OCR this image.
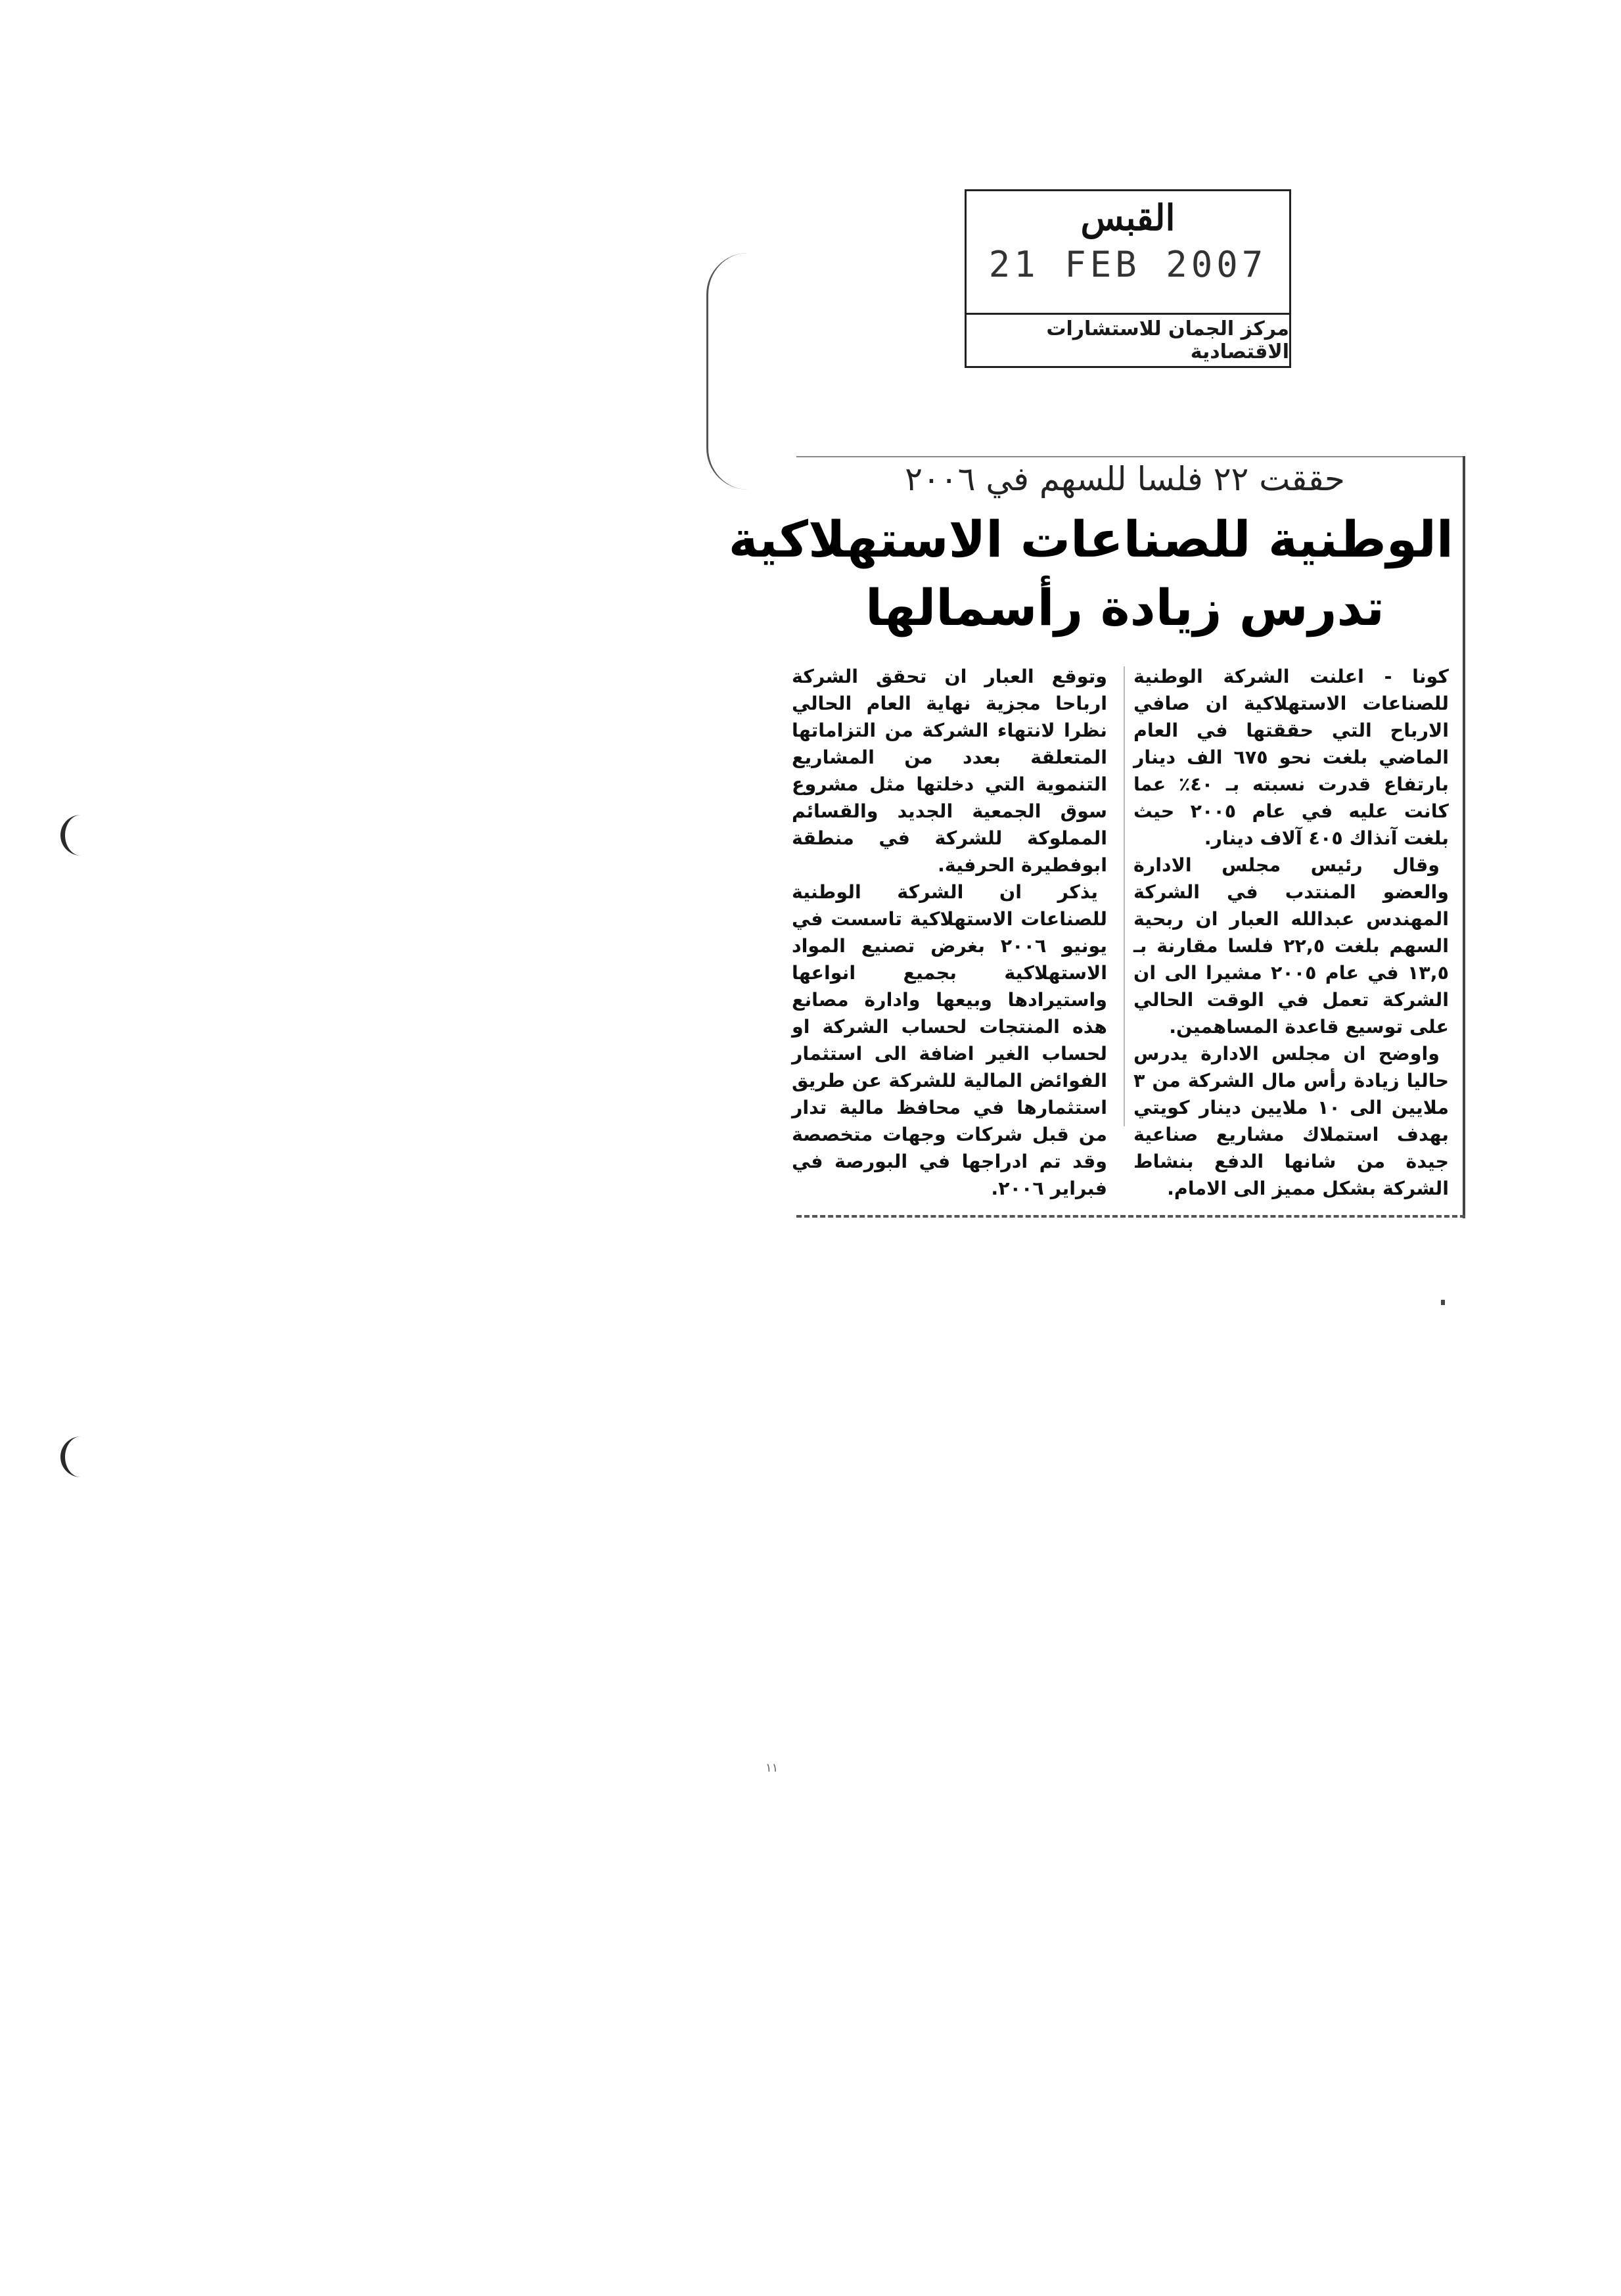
القبس
21 FEB 2007
مركز الجمان للاستشارات الاقتصادية
حققت ٢٢ فلسا للسهم في ٢٠٠٦
الوطنية للصناعات الاستهلاكية
تدرس زيادة رأسمالها

كونا - اعلنت الشركة الوطنية للصناعات الاستهلاكية ان صافي الارباح التي حققتها في العام الماضي بلغت نحو ٦٧٥ الف دينار بارتفاع قدرت نسبته بـ ٤٠٪ عما كانت عليه في عام ٢٠٠٥ حيث بلغت آنذاك ٤٠٥ آلاف دينار.

وقال رئيس مجلس الادارة والعضو المنتدب في الشركة المهندس عبدالله العبار ان ربحية السهم بلغت ٢٢,٥ فلسا مقارنة بـ ١٣,٥ في عام ٢٠٠٥ مشيرا الى ان الشركة تعمل في الوقت الحالي على توسيع قاعدة المساهمين.

واوضح ان مجلس الادارة يدرس حاليا زيادة رأس مال الشركة من ٣ ملايين الى ١٠ ملايين دينار كويتي بهدف استملاك مشاريع صناعية جيدة من شانها الدفع بنشاط الشركة بشكل مميز الى الامام.

وتوقع العبار ان تحقق الشركة ارباحا مجزية نهاية العام الحالي نظرا لانتهاء الشركة من التزاماتها المتعلقة بعدد من المشاريع التنموية التي دخلتها مثل مشروع سوق الجمعية الجديد والقسائم المملوكة للشركة في منطقة ابوفطيرة الحرفية.

يذكر ان الشركة الوطنية للصناعات الاستهلاكية تاسست في يونيو ٢٠٠٦ بغرض تصنيع المواد الاستهلاكية بجميع انواعها واستيرادها وبيعها وادارة مصانع هذه المنتجات لحساب الشركة او لحساب الغير اضافة الى استثمار الفوائض المالية للشركة عن طريق استثمارها في محافظ مالية تدار من قبل شركات وجهات متخصصة وقد تم ادراجها في البورصة في فبراير ٢٠٠٦.

١١
